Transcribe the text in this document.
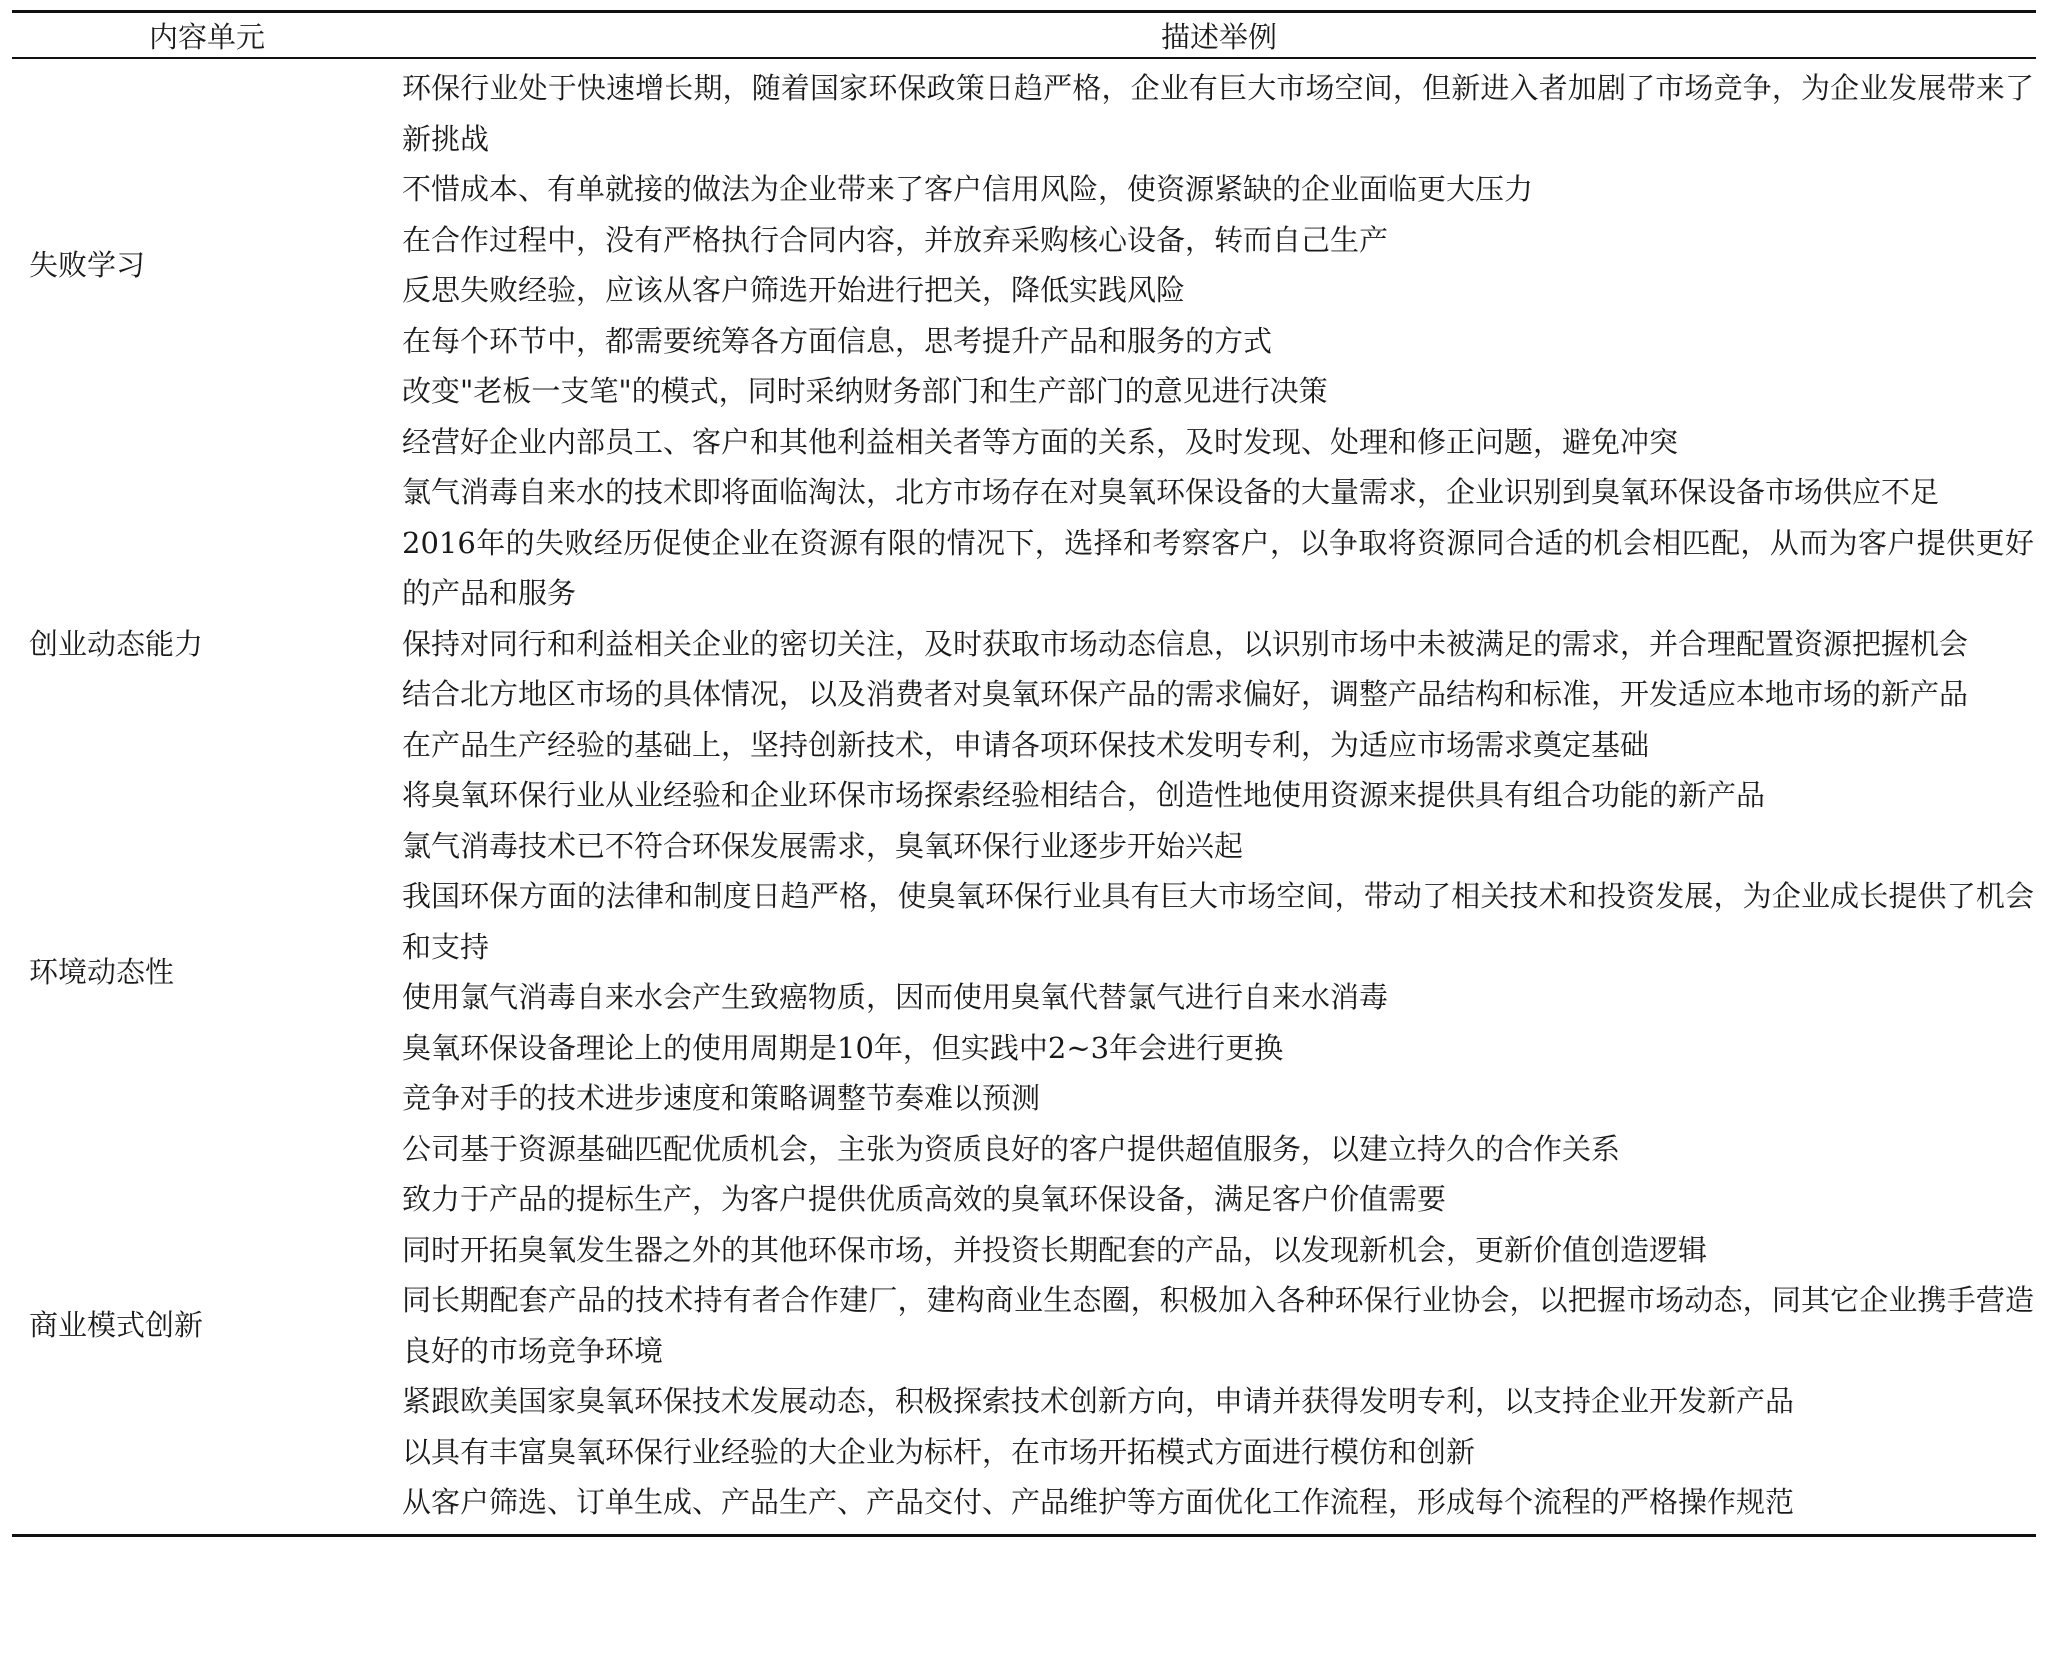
内容单元	描述举例
失败学习
环保行业处于快速增长期，随着国家环保政策日趋严格，企业有巨大市场空间，但新进入者加剧了市场竞争，为企业发展带来了新挑战
不惜成本、有单就接的做法为企业带来了客户信用风险，使资源紧缺的企业面临更大压力
在合作过程中，没有严格执行合同内容，并放弃采购核心设备，转而自己生产
反思失败经验，应该从客户筛选开始进行把关，降低实践风险
在每个环节中，都需要统筹各方面信息，思考提升产品和服务的方式
改变"老板一支笔"的模式，同时采纳财务部门和生产部门的意见进行决策
经营好企业内部员工、客户和其他利益相关者等方面的关系，及时发现、处理和修正问题，避免冲突
创业动态能力
氯气消毒自来水的技术即将面临淘汰，北方市场存在对臭氧环保设备的大量需求，企业识别到臭氧环保设备市场供应不足
2016年的失败经历促使企业在资源有限的情况下，选择和考察客户，以争取将资源同合适的机会相匹配，从而为客户提供更好的产品和服务
保持对同行和利益相关企业的密切关注，及时获取市场动态信息，以识别市场中未被满足的需求，并合理配置资源把握机会
结合北方地区市场的具体情况，以及消费者对臭氧环保产品的需求偏好，调整产品结构和标准，开发适应本地市场的新产品
在产品生产经验的基础上，坚持创新技术，申请各项环保技术发明专利，为适应市场需求奠定基础
将臭氧环保行业从业经验和企业环保市场探索经验相结合，创造性地使用资源来提供具有组合功能的新产品
环境动态性
氯气消毒技术已不符合环保发展需求，臭氧环保行业逐步开始兴起
我国环保方面的法律和制度日趋严格，使臭氧环保行业具有巨大市场空间，带动了相关技术和投资发展，为企业成长提供了机会和支持
使用氯气消毒自来水会产生致癌物质，因而使用臭氧代替氯气进行自来水消毒
臭氧环保设备理论上的使用周期是10年，但实践中2~3年会进行更换
竞争对手的技术进步速度和策略调整节奏难以预测
商业模式创新
公司基于资源基础匹配优质机会，主张为资质良好的客户提供超值服务，以建立持久的合作关系
致力于产品的提标生产，为客户提供优质高效的臭氧环保设备，满足客户价值需要
同时开拓臭氧发生器之外的其他环保市场，并投资长期配套的产品，以发现新机会，更新价值创造逻辑
同长期配套产品的技术持有者合作建厂，建构商业生态圈，积极加入各种环保行业协会，以把握市场动态，同其它企业携手营造良好的市场竞争环境
紧跟欧美国家臭氧环保技术发展动态，积极探索技术创新方向，申请并获得发明专利，以支持企业开发新产品
以具有丰富臭氧环保行业经验的大企业为标杆，在市场开拓模式方面进行模仿和创新
从客户筛选、订单生成、产品生产、产品交付、产品维护等方面优化工作流程，形成每个流程的严格操作规范
